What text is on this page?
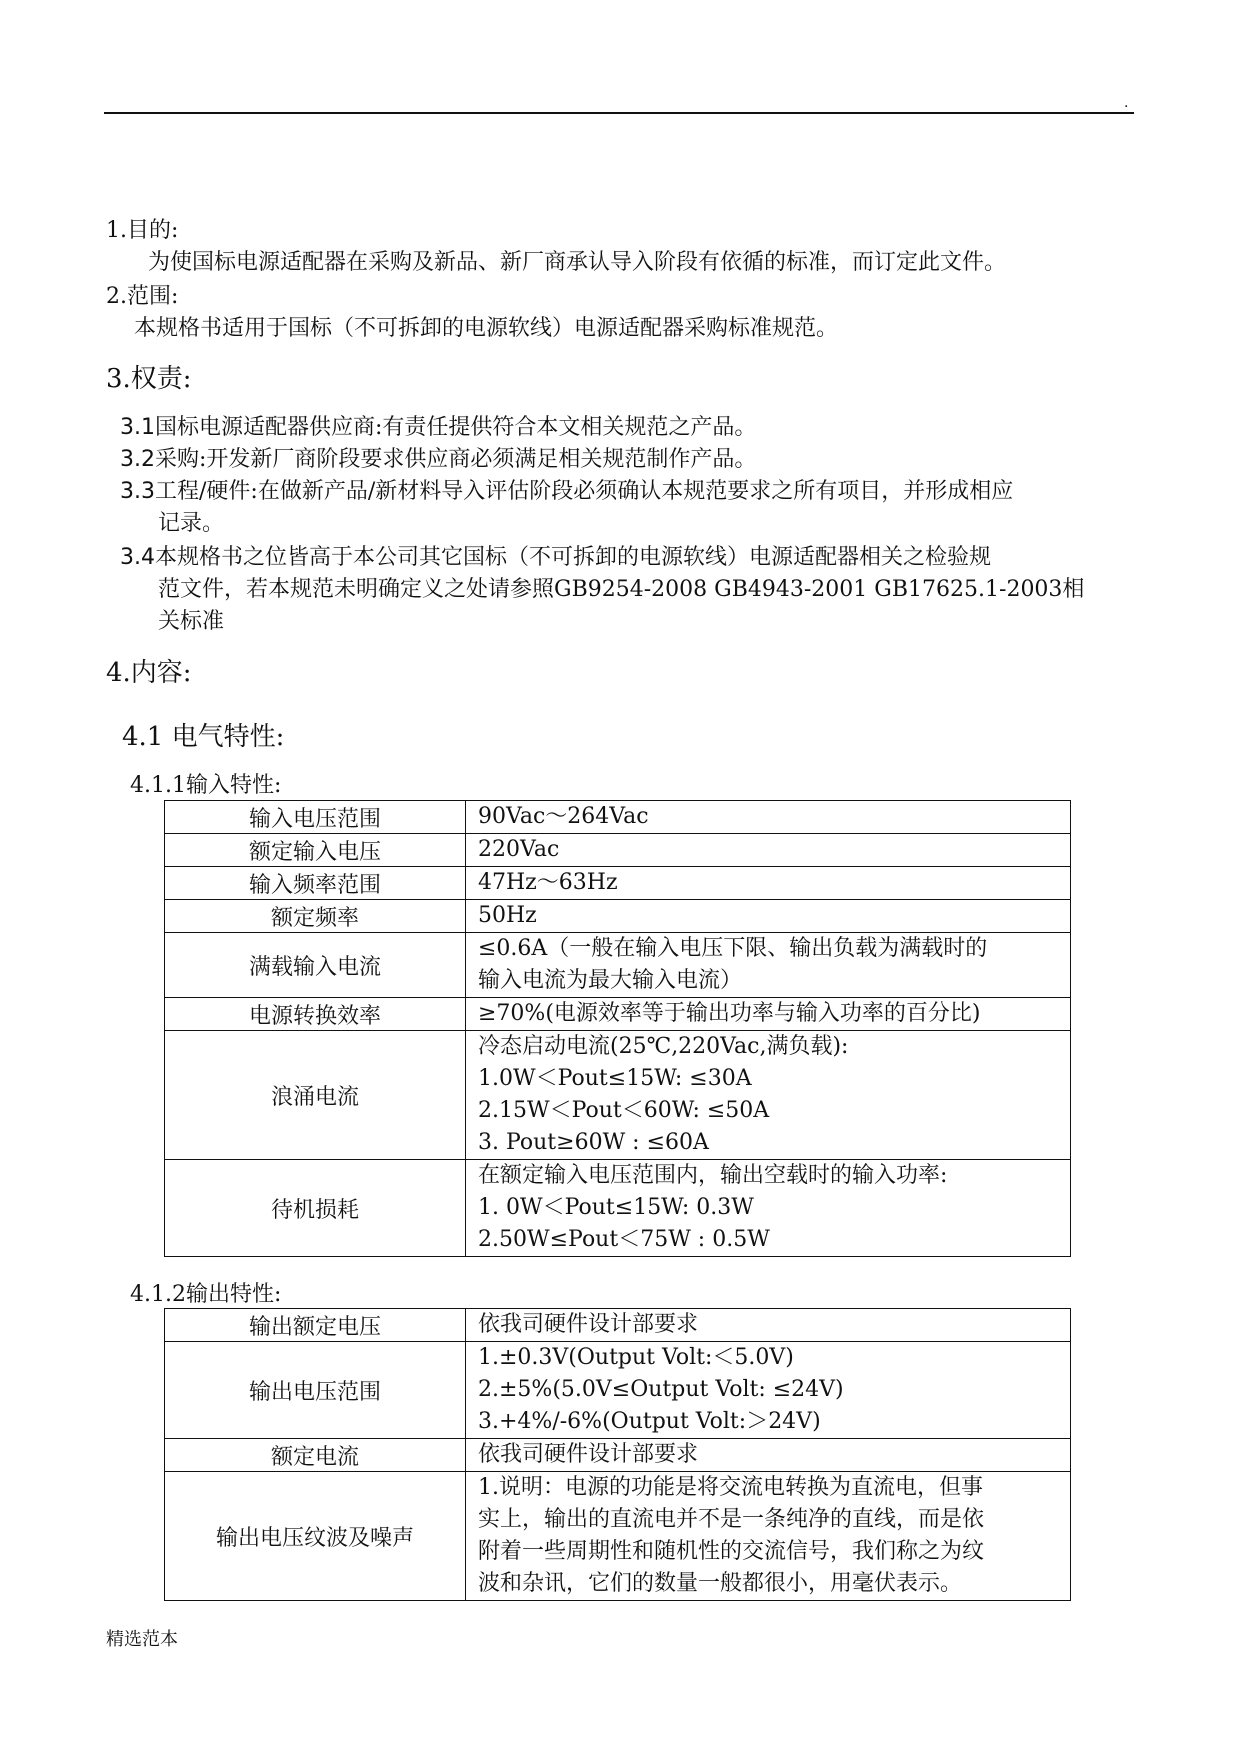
.
1.目的:
为使国标电源适配器在采购及新品、新厂商承认导入阶段有依循的标准，而订定此文件。
2.范围:
本规格书适用于国标（不可拆卸的电源软线）电源适配器采购标准规范。
3.权责:
3.1国标电源适配器供应商:有责任提供符合本文相关规范之产品。
3.2采购:开发新厂商阶段要求供应商必须满足相关规范制作产品。
3.3工程/硬件:在做新产品/新材料导入评估阶段必须确认本规范要求之所有项目，并形成相应
记录。
3.4本规格书之位皆高于本公司其它国标（不可拆卸的电源软线）电源适配器相关之检验规
范文件，若本规范未明确定义之处请参照GB9254-2008 GB4943-2001 GB17625.1-2003相
关标准
4.内容:
4.1 电气特性:
4.1.1输入特性:
输入电压范围	90Vac～264Vac

额定输入电压	220Vac

输入频率范围	47Hz～63Hz

额定频率	50Hz

满载输入电流	≤0.6A（一般在输入电压下限、输出负载为满载时的
输入电流为最大输入电流）

电源转换效率	≥70%(电源效率等于输出功率与输入功率的百分比)

浪涌电流	冷态启动电流(25℃,220Vac,满负载):
1.0W＜Pout≤15W: ≤30A
2.15W＜Pout＜60W: ≤50A
3. Pout≥60W : ≤60A

待机损耗	在额定输入电压范围内，输出空载时的输入功率:
1. 0W＜Pout≤15W: 0.3W
2.50W≤Pout＜75W : 0.5W
4.1.2输出特性:
输出额定电压	依我司硬件设计部要求

输出电压范围	1.±0.3V(Output Volt:＜5.0V)
2.±5%(5.0V≤Output Volt: ≤24V)
3.+4%/-6%(Output Volt:＞24V)

额定电流	依我司硬件设计部要求

输出电压纹波及噪声	1.说明：电源的功能是将交流电转换为直流电，但事
实上，输出的直流电并不是一条纯净的直线，而是依
附着一些周期性和随机性的交流信号，我们称之为纹
波和杂讯，它们的数量一般都很小，用毫伏表示。
精选范本
